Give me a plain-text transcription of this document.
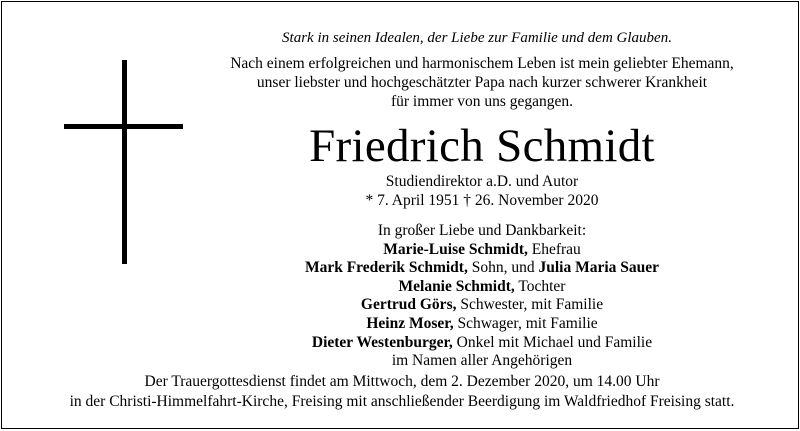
Stark in seinen Idealen, der Liebe zur Familie und dem Glauben.
Nach einem erfolgreichen und harmonischem Leben ist mein geliebter Ehemann,
unser liebster und hochgeschätzter Papa nach kurzer schwerer Krankheit
für immer von uns gegangen.
Friedrich Schmidt
Studiendirektor a.D. und Autor
* 7. April 1951 † 26. November 2020
In großer Liebe und Dankbarkeit:
Marie-Luise Schmidt, Ehefrau
Mark Frederik Schmidt, Sohn, und Julia Maria Sauer
Melanie Schmidt, Tochter
Gertrud Görs, Schwester, mit Familie
Heinz Moser, Schwager, mit Familie
Dieter Westenburger, Onkel mit Michael und Familie
im Namen aller Angehörigen
Der Trauergottesdienst findet am Mittwoch, dem 2. Dezember 2020, um 14.00 Uhr
in der Christi-Himmelfahrt-Kirche, Freising mit anschließender Beerdigung im Waldfriedhof Freising statt.
